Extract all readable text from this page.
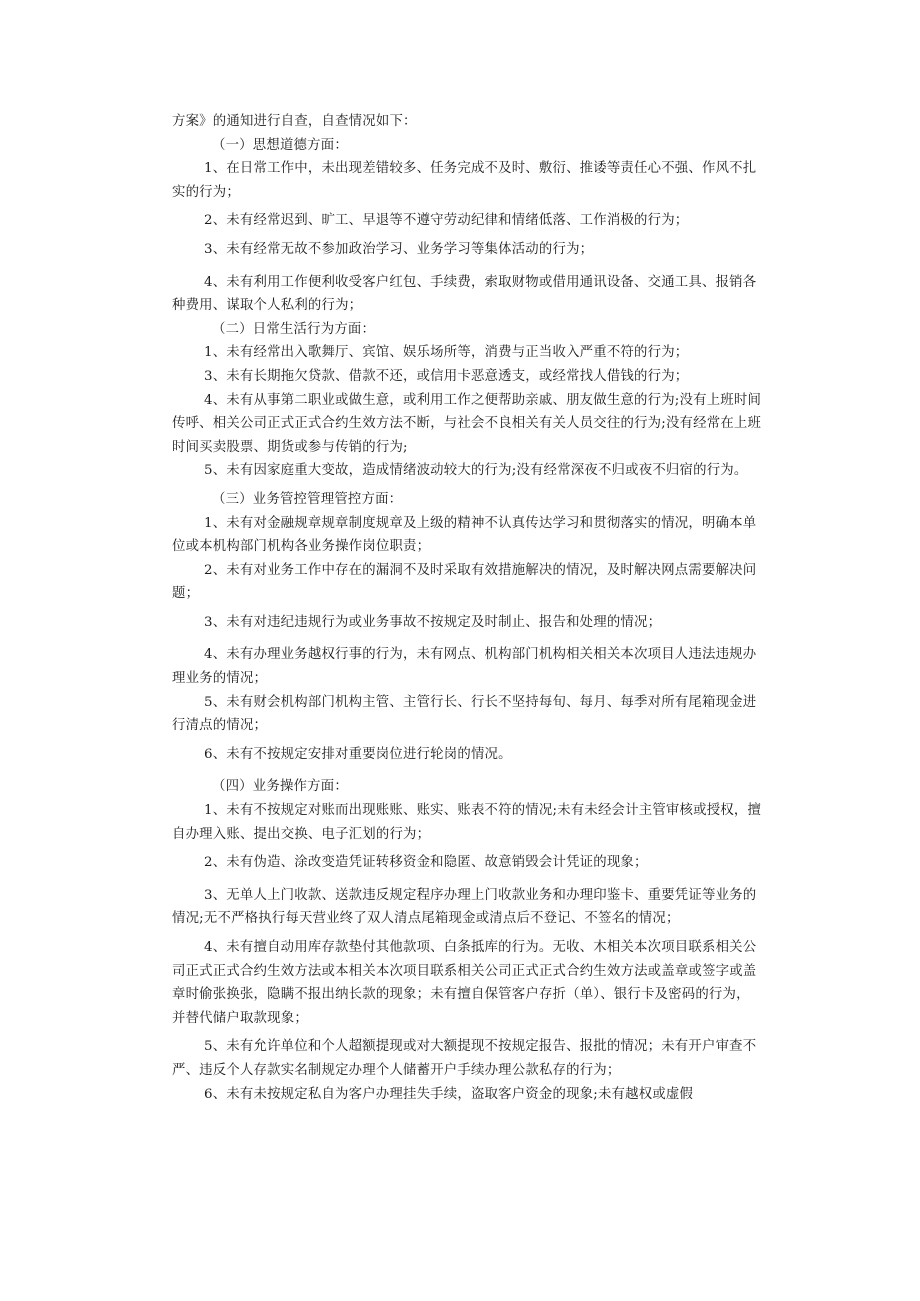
方案》的通知进行自查，自查情况如下：

（一）思想道德方面：

1、在日常工作中，未出现差错较多、任务完成不及时、敷衍、推诿等责任心不强、作风不扎实的行为；

2、未有经常迟到、旷工、早退等不遵守劳动纪律和情绪低落、工作消极的行为；

3、未有经常无故不参加政治学习、业务学习等集体活动的行为；

4、未有利用工作便利收受客户红包、手续费，索取财物或借用通讯设备、交通工具、报销各种费用、谋取个人私利的行为；

（二）日常生活行为方面：

1、未有经常出入歌舞厅、宾馆、娱乐场所等，消费与正当收入严重不符的行为；

3、未有长期拖欠贷款、借款不还，或信用卡恶意透支，或经常找人借钱的行为；

4、未有从事第二职业或做生意，或利用工作之便帮助亲戚、朋友做生意的行为;没有上班时间传呼、相关公司正式正式合约生效方法不断，与社会不良相关有关人员交往的行为;没有经常在上班时间买卖股票、期货或参与传销的行为;

5、未有因家庭重大变故，造成情绪波动较大的行为;没有经常深夜不归或夜不归宿的行为。

（三）业务管控管理管控方面：

1、未有对金融规章规章制度规章及上级的精神不认真传达学习和贯彻落实的情况，明确本单位或本机构部门机构各业务操作岗位职责；

2、未有对业务工作中存在的漏洞不及时采取有效措施解决的情况，及时解决网点需要解决问题；

3、未有对违纪违规行为或业务事故不按规定及时制止、报告和处理的情况；

4、未有办理业务越权行事的行为，未有网点、机构部门机构相关相关本次项目人违法违规办理业务的情况；

5、未有财会机构部门机构主管、主管行长、行长不坚持每旬、每月、每季对所有尾箱现金进行清点的情况；

6、未有不按规定安排对重要岗位进行轮岗的情况。

（四）业务操作方面：

1、未有不按规定对账而出现账账、账实、账表不符的情况;未有未经会计主管审核或授权，擅自办理入账、提出交换、电子汇划的行为；

2、未有伪造、涂改变造凭证转移资金和隐匿、故意销毁会计凭证的现象；

3、无单人上门收款、送款违反规定程序办理上门收款业务和办理印鉴卡、重要凭证等业务的情况;无不严格执行每天营业终了双人清点尾箱现金或清点后不登记、不签名的情况；

4、未有擅自动用库存款垫付其他款项、白条抵库的行为。无收、木相关本次项目联系相关公司正式正式合约生效方法或本相关本次项目联系相关公司正式正式合约生效方法或盖章或签字或盖章时偷张换张，隐瞒不报出纳长款的现象；未有擅自保管客户存折（单）、银行卡及密码的行为，并替代储户取款现象；

5、未有允许单位和个人超额提现或对大额提现不按规定报告、报批的情况；未有开户审查不严、违反个人存款实名制规定办理个人储蓄开户手续办理公款私存的行为；

6、未有未按规定私自为客户办理挂失手续，盗取客户资金的现象;未有越权或虚假
